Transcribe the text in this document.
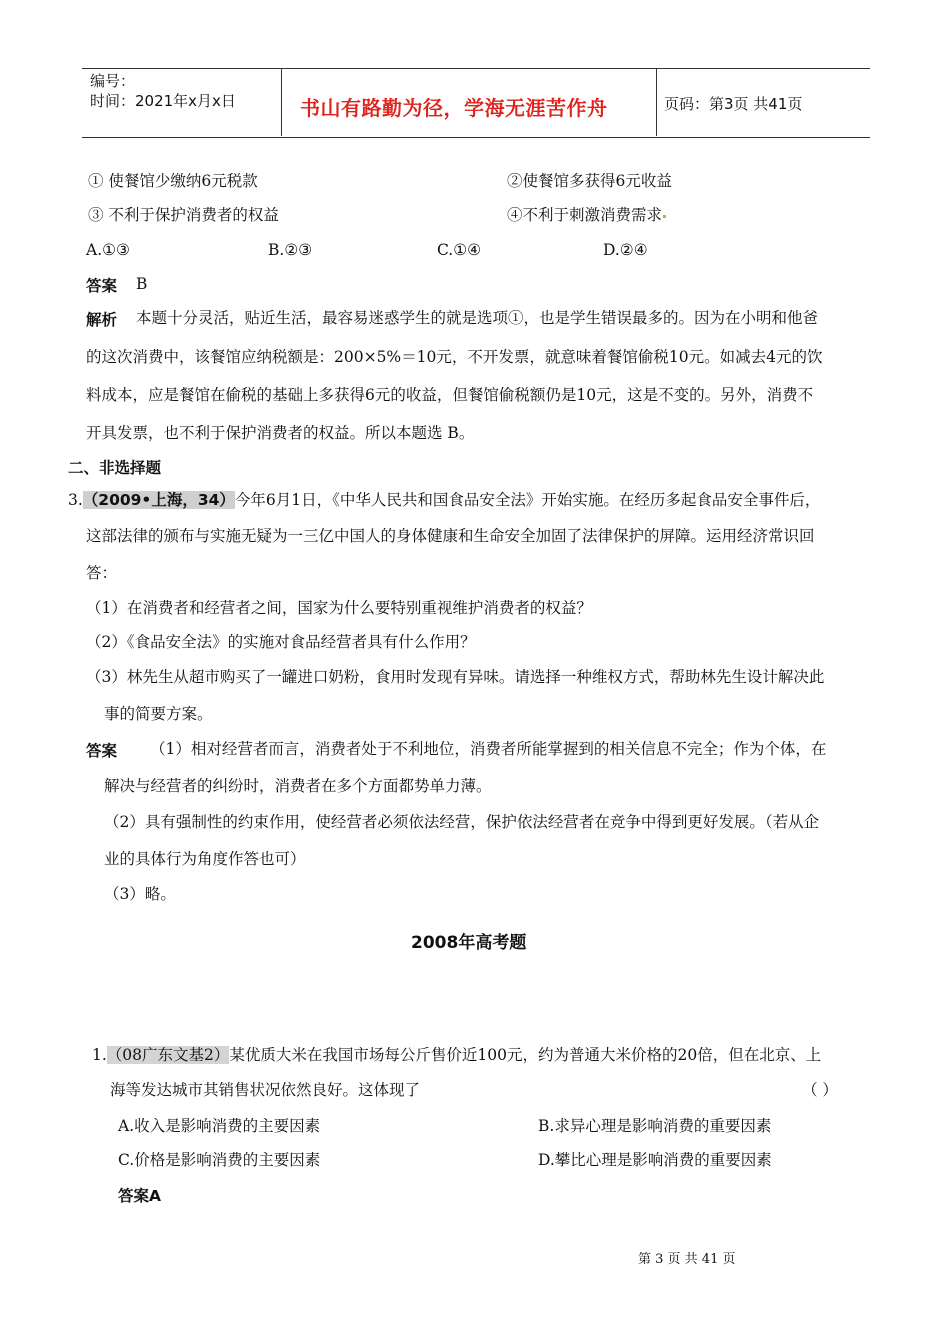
编号：
时间：2021年x月x日	书山有路勤为径，学海无涯苦作舟	页码：第3页 共41页
① 使餐馆少缴纳6元税款	②使餐馆多获得6元收益
③ 不利于保护消费者的权益	④不利于刺激消费需求
A.①③	B.②③	C.①④	D.②④
答案 B
解析 本题十分灵活，贴近生活，最容易迷惑学生的就是选项①，也是学生错误最多的。因为在小明和他爸
的这次消费中，该餐馆应纳税额是：200×5%＝10元，不开发票，就意味着餐馆偷税10元。如减去4元的饮
料成本，应是餐馆在偷税的基础上多获得6元的收益，但餐馆偷税额仍是10元，这是不变的。另外，消费不
开具发票，也不利于保护消费者的权益。所以本题选 B。
二、非选择题
3.（2009•上海，34）今年6月1日，《中华人民共和国食品安全法》开始实施。在经历多起食品安全事件后，
这部法律的颁布与实施无疑为一三亿中国人的身体健康和生命安全加固了法律保护的屏障。运用经济常识回
答：
（1）在消费者和经营者之间，国家为什么要特别重视维护消费者的权益？
（2）《食品安全法》的实施对食品经营者具有什么作用？
（3）林先生从超市购买了一罐进口奶粉，食用时发现有异味。请选择一种维权方式，帮助林先生设计解决此
事的简要方案。
答案 （1）相对经营者而言，消费者处于不利地位，消费者所能掌握到的相关信息不完全；作为个体，在
解决与经营者的纠纷时，消费者在多个方面都势单力薄。
（2）具有强制性的约束作用，使经营者必须依法经营，保护依法经营者在竞争中得到更好发展。（若从企
业的具体行为角度作答也可）
（3）略。
2008年高考题
1.（08广东文基2）某优质大米在我国市场每公斤售价近100元，约为普通大米价格的20倍，但在北京、上
海等发达城市其销售状况依然良好。这体现了	（ ）
A.收入是影响消费的主要因素	B.求异心理是影响消费的重要因素
C.价格是影响消费的主要因素	D.攀比心理是影响消费的重要因素
答案A
第 3 页 共 41 页
